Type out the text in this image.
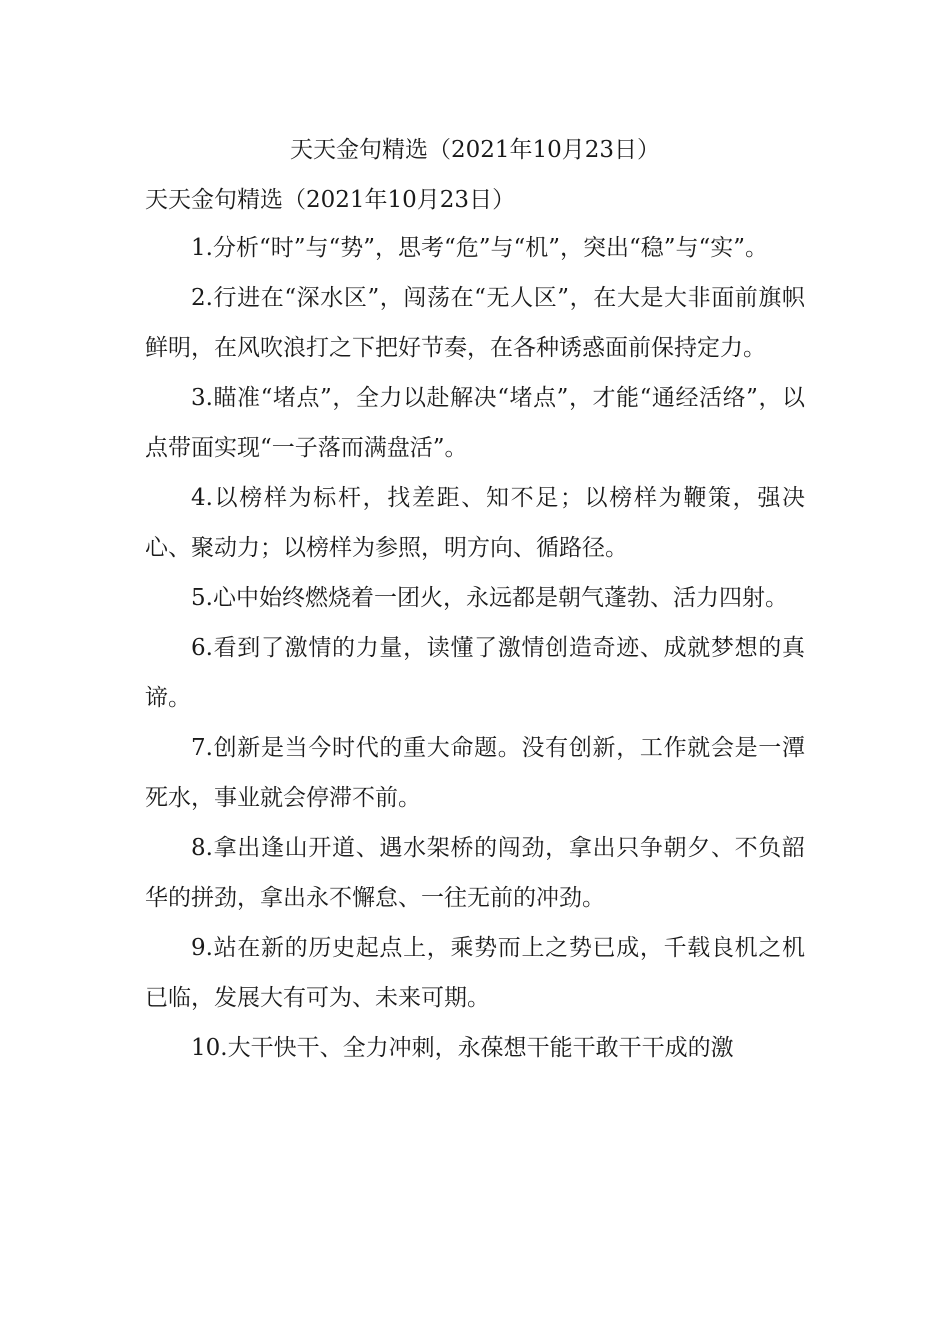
天天金句精选（2021年10月23日）

天天金句精选（2021年10月23日）

1.分析“时”与“势”，思考“危”与“机”，突出“稳”与“实”。

2.行进在“深水区”，闯荡在“无人区”，在大是大非面前旗帜鲜明，在风吹浪打之下把好节奏，在各种诱惑面前保持定力。

3.瞄准“堵点”，全力以赴解决“堵点”，才能“通经活络”，以点带面实现“一子落而满盘活”。

4.以榜样为标杆，找差距、知不足；以榜样为鞭策，强决心、聚动力；以榜样为参照，明方向、循路径。

5.心中始终燃烧着一团火，永远都是朝气蓬勃、活力四射。

6.看到了激情的力量，读懂了激情创造奇迹、成就梦想的真谛。

7.创新是当今时代的重大命题。没有创新，工作就会是一潭死水，事业就会停滞不前。

8.拿出逢山开道、遇水架桥的闯劲，拿出只争朝夕、不负韶华的拼劲，拿出永不懈怠、一往无前的冲劲。

9.站在新的历史起点上，乘势而上之势已成，千载良机之机已临，发展大有可为、未来可期。

10.大干快干、全力冲刺，永葆想干能干敢干干成的激
